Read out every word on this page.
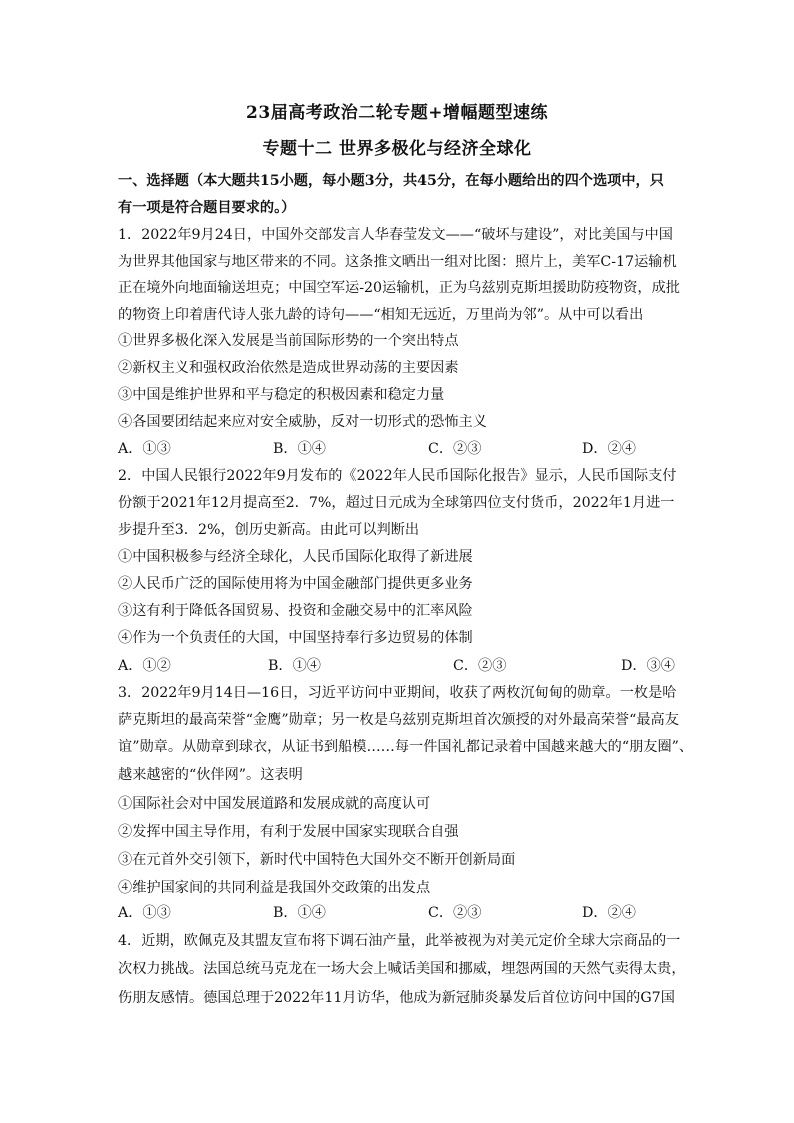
23届高考政治二轮专题+增幅题型速练
专题十二 世界多极化与经济全球化
一、选择题（本大题共15小题，每小题3分，共45分，在每小题给出的四个选项中，只
有一项是符合题目要求的。）
1．2022年9月24日，中国外交部发言人华春莹发文——“破坏与建设”，对比美国与中国
为世界其他国家与地区带来的不同。这条推文晒出一组对比图：照片上，美军C-17运输机
正在境外向地面输送坦克；中国空军运-20运输机，正为乌兹别克斯坦援助防疫物资，成批
的物资上印着唐代诗人张九龄的诗句——“相知无远近，万里尚为邻”。从中可以看出
①世界多极化深入发展是当前国际形势的一个突出特点
②新权主义和强权政治依然是造成世界动荡的主要因素
③中国是维护世界和平与稳定的积极因素和稳定力量
④各国要团结起来应对安全威胁，反对一切形式的恐怖主义
A．①③	B．①④	C．②③	D．②④
2．中国人民银行2022年9月发布的《2022年人民币国际化报告》显示，人民币国际支付
份额于2021年12月提高至2．7%，超过日元成为全球第四位支付货币，2022年1月进一
步提升至3．2%，创历史新高。由此可以判断出
①中国积极参与经济全球化，人民币国际化取得了新进展
②人民币广泛的国际使用将为中国金融部门提供更多业务
③这有利于降低各国贸易、投资和金融交易中的汇率风险
④作为一个负责任的大国，中国坚持奉行多边贸易的体制
A．①②	B．①④	C．②③	D．③④
3．2022年9月14日—16日，习近平访问中亚期间，收获了两枚沉甸甸的勋章。一枚是哈
萨克斯坦的最高荣誉“金鹰”勋章；另一枚是乌兹别克斯坦首次颁授的对外最高荣誉“最高友
谊”勋章。从勋章到球衣，从证书到船模……每一件国礼都记录着中国越来越大的“朋友圈”、
越来越密的“伙伴网”。这表明
①国际社会对中国发展道路和发展成就的高度认可
②发挥中国主导作用，有利于发展中国家实现联合自强
③在元首外交引领下，新时代中国特色大国外交不断开创新局面
④维护国家间的共同利益是我国外交政策的出发点
A．①③	B．①④	C．②③	D．②④
4．近期，欧佩克及其盟友宣布将下调石油产量，此举被视为对美元定价全球大宗商品的一
次权力挑战。法国总统马克龙在一场大会上喊话美国和挪威，埋怨两国的天然气卖得太贵，
伤朋友感情。德国总理于2022年11月访华，他成为新冠肺炎暴发后首位访问中国的G7国
